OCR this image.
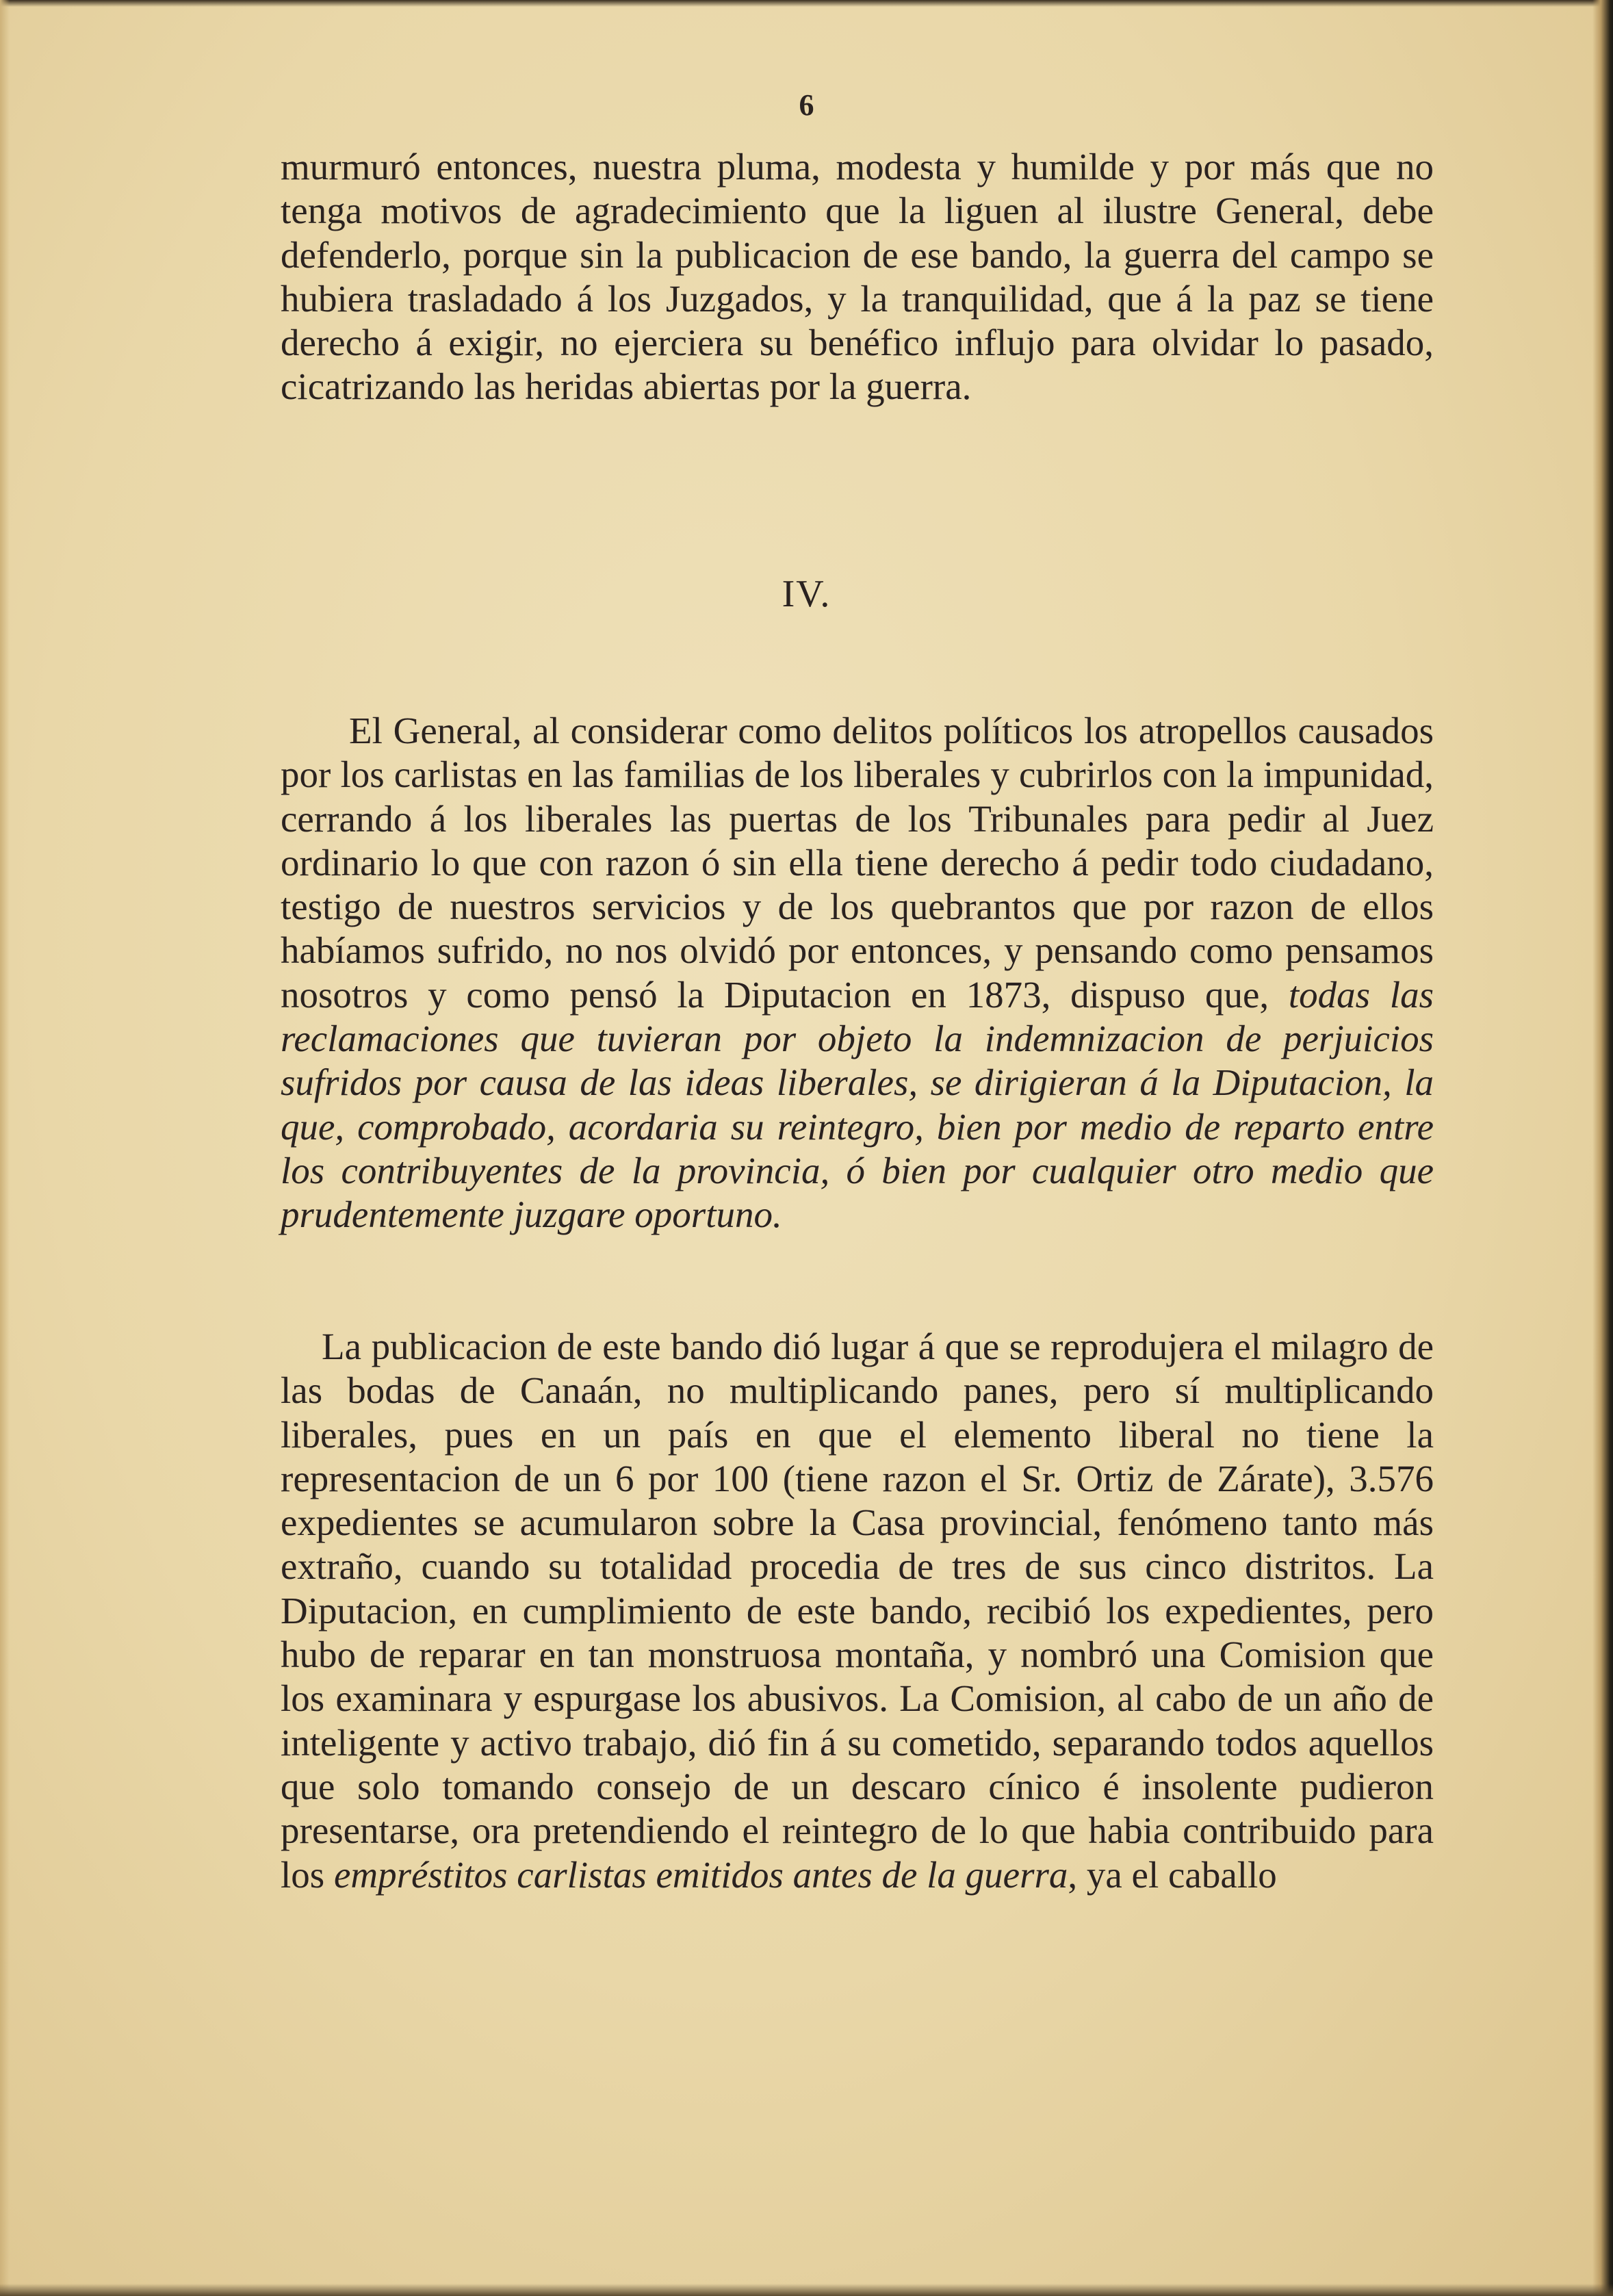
6

murmuró entonces, nuestra pluma, modesta y humilde y por más que no tenga motivos de agradecimiento que la liguen al ilustre General, debe defenderlo, porque sin la publicacion de ese bando, la guerra del campo se hubiera trasladado á los Juzgados, y la tranquilidad, que á la paz se tiene derecho á exigir, no ejerciera su benéfico influjo para olvidar lo pasado, cicatrizando las heridas abiertas por la guerra.

IV.

El General, al considerar como delitos políticos los atropellos causados por los carlistas en las familias de los liberales y cubrirlos con la impunidad, cerrando á los liberales las puertas de los Tribunales para pedir al Juez ordinario lo que con razon ó sin ella tiene derecho á pedir todo ciudadano, testigo de nuestros servicios y de los quebrantos que por razon de ellos habíamos sufrido, no nos olvidó por entonces, y pensando como pensamos nosotros y como pensó la Diputacion en 1873, dispuso que, todas las reclamaciones que tuvieran por objeto la indemnizacion de perjuicios sufridos por causa de las ideas liberales, se dirigieran á la Diputacion, la que, comprobado, acordaria su reintegro, bien por medio de reparto entre los contribuyentes de la provincia, ó bien por cualquier otro medio que prudentemente juzgare oportuno.

La publicacion de este bando dió lugar á que se reprodujera el milagro de las bodas de Canaán, no multiplicando panes, pero sí multiplicando liberales, pues en un país en que el elemento liberal no tiene la representacion de un 6 por 100 (tiene razon el Sr. Ortiz de Zárate), 3.576 expedientes se acumularon sobre la Casa provincial, fenómeno tanto más extraño, cuando su totalidad procedia de tres de sus cinco distritos. La Diputacion, en cumplimiento de este bando, recibió los expedientes, pero hubo de reparar en tan monstruosa montaña, y nombró una Comision que los examinara y espurgase los abusivos. La Comision, al cabo de un año de inteligente y activo trabajo, dió fin á su cometido, separando todos aquellos que solo tomando consejo de un descaro cínico é insolente pudieron presentarse, ora pretendiendo el reintegro de lo que habia contribuido para los empréstitos carlistas emitidos antes de la guerra, ya el caballo
